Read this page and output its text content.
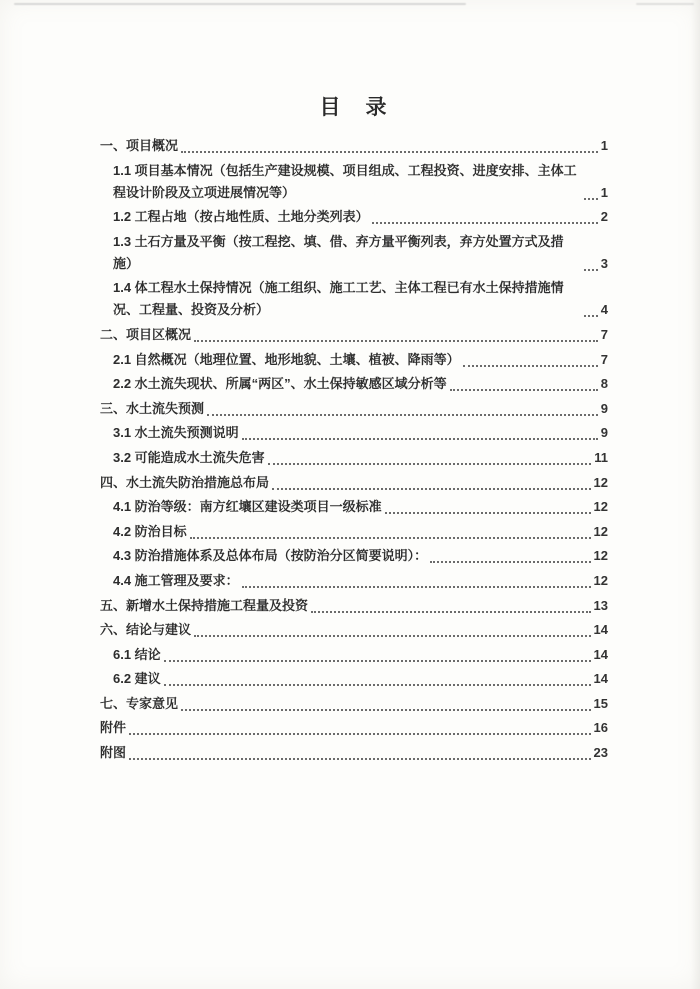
目　录
一、项目概况	1
1.1 项目基本情况（包括生产建设规模、项目组成、工程投资、进度安排、主体工程设计阶段及立项进展情况等）	1
1.2 工程占地（按占地性质、土地分类列表）	2
1.3 土石方量及平衡（按工程挖、填、借、弃方量平衡列表，弃方处置方式及措施）	3
1.4 体工程水土保持情况（施工组织、施工工艺、主体工程已有水土保持措施情况、工程量、投资及分析）	4
二、项目区概况	7
2.1 自然概况（地理位置、地形地貌、土壤、植被、降雨等）	7
2.2 水土流失现状、所属“两区”、水土保持敏感区域分析等	8
三、水土流失预测	9
3.1 水土流失预测说明	9
3.2 可能造成水土流失危害	11
四、水土流失防治措施总布局	12
4.1 防治等级：南方红壤区建设类项目一级标准	12
4.2 防治目标	12
4.3 防治措施体系及总体布局（按防治分区简要说明）：	12
4.4 施工管理及要求：	12
五、新增水土保持措施工程量及投资	13
六、结论与建议	14
6.1 结论	14
6.2 建议	14
七、专家意见	15
附件	16
附图	23
